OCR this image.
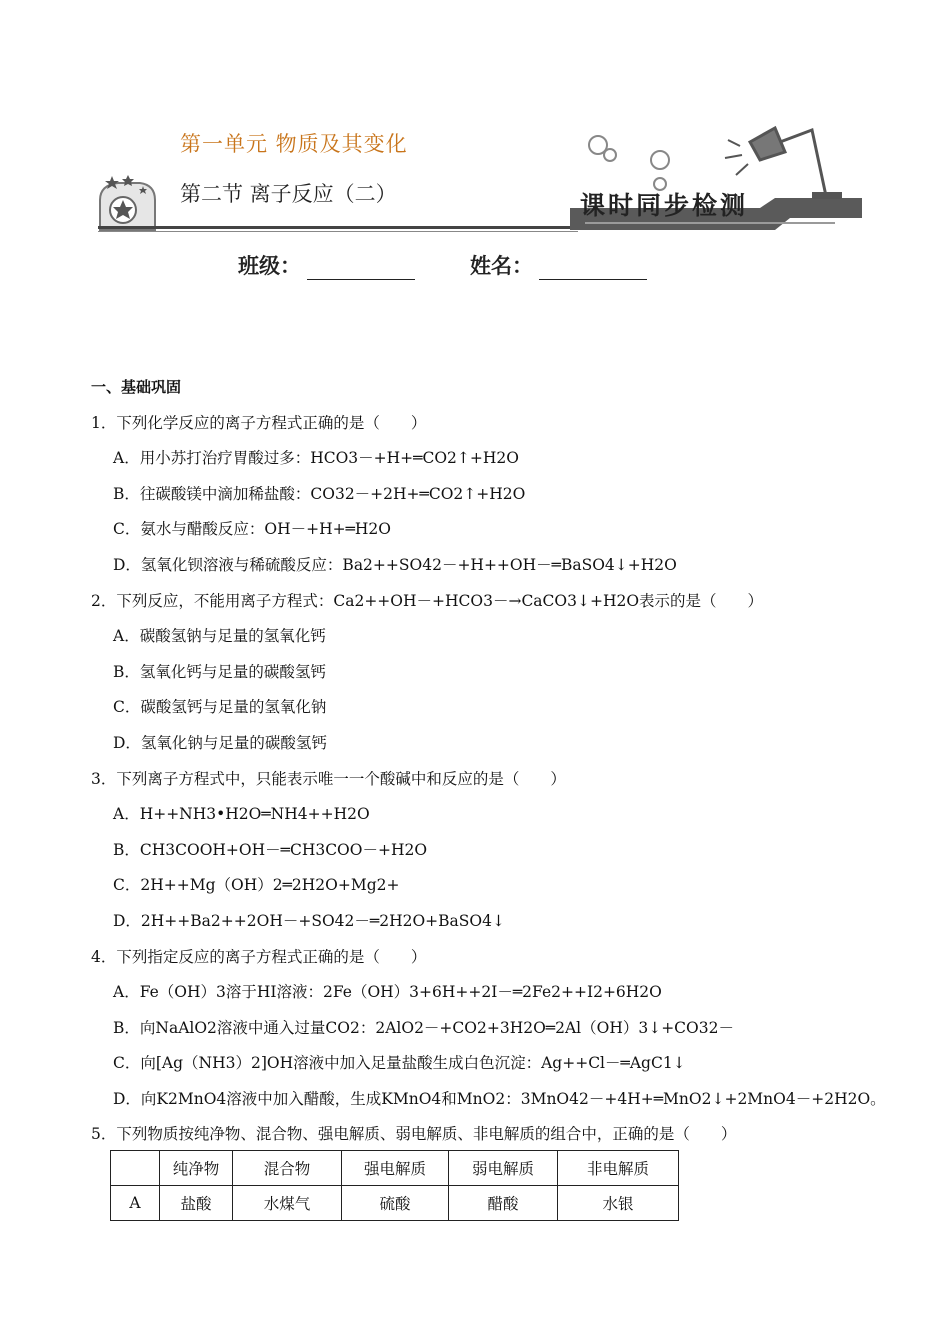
第一单元 物质及其变化
第二节 离子反应（二）	课时同步检测
班级：	姓名：

一、基础巩固

1．下列化学反应的离子方程式正确的是（　　）

A．用小苏打治疗胃酸过多：HCO3－+H+═CO2↑+H2O

B．往碳酸镁中滴加稀盐酸：CO32－+2H+═CO2↑+H2O

C．氨水与醋酸反应：OH－+H+═H2O

D．氢氧化钡溶液与稀硫酸反应：Ba2++SO42－+H++OH－═BaSO4↓+H2O

2．下列反应，不能用离子方程式：Ca2++OH－+HCO3－→CaCO3↓+H2O表示的是（　　）

A．碳酸氢钠与足量的氢氧化钙

B．氢氧化钙与足量的碳酸氢钙

C．碳酸氢钙与足量的氢氧化钠

D．氢氧化钠与足量的碳酸氢钙

3．下列离子方程式中，只能表示唯一一个酸碱中和反应的是（　　）

A．H++NH3•H2O═NH4++H2O

B．CH3COOH+OH－═CH3COO－+H2O

C．2H++Mg（OH）2═2H2O+Mg2+

D．2H++Ba2++2OH－+SO42－═2H2O+BaSO4↓

4．下列指定反应的离子方程式正确的是（　　）

A．Fe（OH）3溶于HI溶液：2Fe（OH）3+6H++2I－═2Fe2++I2+6H2O

B．向NaAlO2溶液中通入过量CO2：2AlO2－+CO2+3H2O═2Al（OH）3↓+CO32－

C．向[Ag（NH3）2]OH溶液中加入足量盐酸生成白色沉淀：Ag++Cl－═AgC1↓

D．向K2MnO4溶液中加入醋酸，生成KMnO4和MnO2：3MnO42－+4H+═MnO2↓+2MnO4－+2H2O。

5．下列物质按纯净物、混合物、强电解质、弱电解质、非电解质的组合中，正确的是（　　）

	纯净物	混合物	强电解质	弱电解质	非电解质
A	盐酸	水煤气	硫酸	醋酸	水银
